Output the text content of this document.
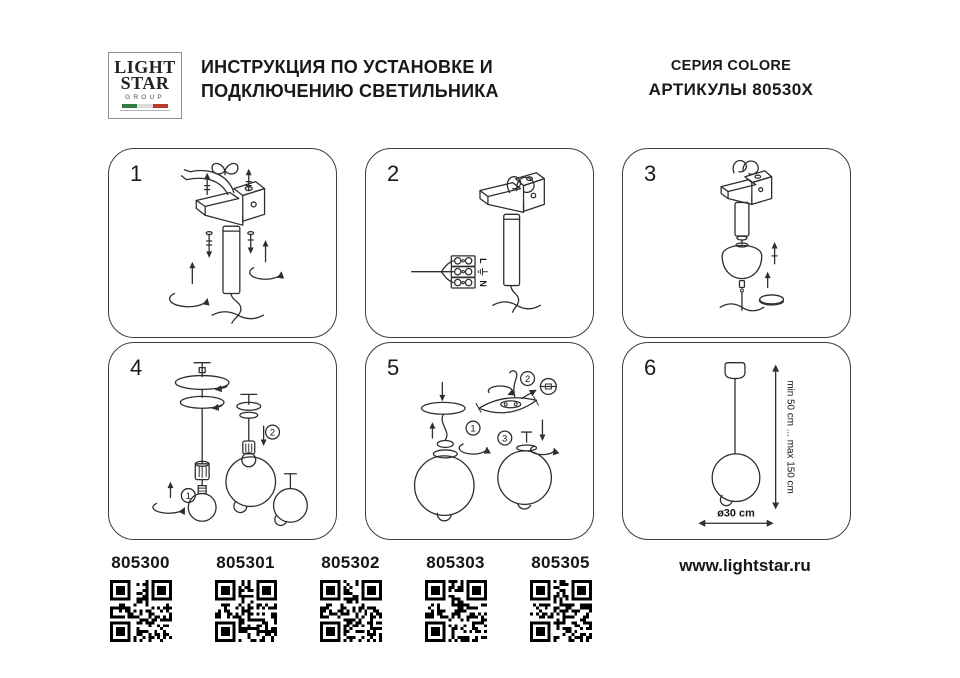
LIGHT
STAR
GROUP
ИНСТРУКЦИЯ ПО УСТАНОВКЕ И
ПОДКЛЮЧЕНИЮ СВЕТИЛЬНИКА
СЕРИЯ COLORE
АРТИКУЛЫ 80530X
1	2
L
N
3
4
1
2
5
1
2
3
6
min 50 cm ... max 150 cm
ø30 cm
805300	805301	805302	805303	805305	www.lightstar.ru
